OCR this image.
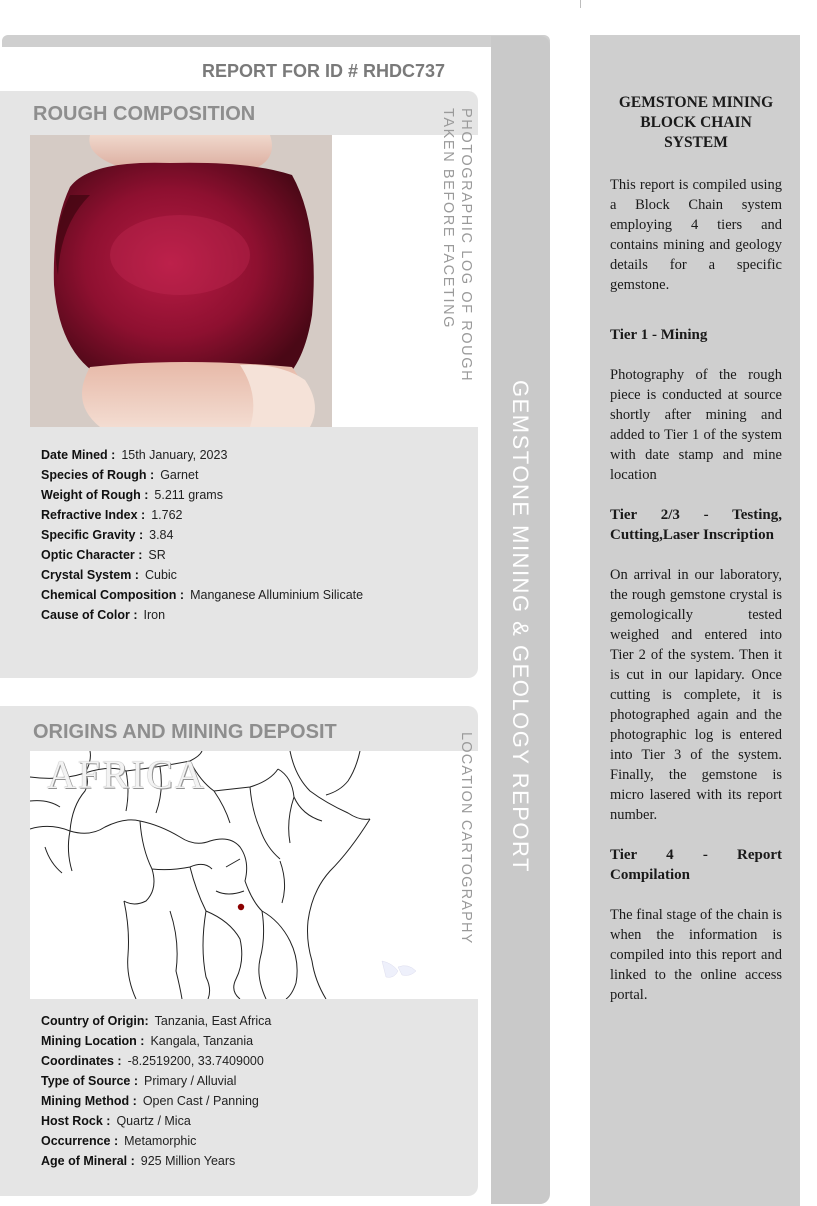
REPORT FOR ID # RHDC737
ROUGH COMPOSITION	PHOTOGRAPHIC LOG OF ROUGH
TAKEN BEFORE FACETING
Date Mined : 15th January, 2023
Species of Rough : Garnet
Weight of Rough : 5.211 grams
Refractive Index : 1.762
Specific Gravity : 3.84
Optic Character : SR
Crystal System : Cubic
Chemical Composition : Manganese Alluminium Silicate
Cause of Color : Iron
ORIGINS AND MINING DEPOSIT
AFRICA	LOCATION CARTOGRAPHY
Country of Origin: Tanzania, East Africa
Mining Location : Kangala, Tanzania
Coordinates : -8.2519200, 33.7409000
Type of Source : Primary / Alluvial
Mining Method : Open Cast / Panning
Host Rock : Quartz / Mica
Occurrence : Metamorphic
Age of Mineral : 925 Million Years
GEMSTONE MINING & GEOLOGY REPORT
GEMSTONE MINING BLOCK CHAIN SYSTEM
This report is compiled using a Block Chain system employing 4 tiers and contains mining and geology details for a specific gemstone.
Tier 1 - Mining
Photography of the rough piece is conducted at source shortly after mining and added to Tier 1 of the system with date stamp and mine location
Tier 2/3 - Testing, Cutting,Laser Inscription
On arrival in our laboratory, the rough gemstone crystal is gemologically tested weighed and entered into Tier 2 of the system. Then it is cut in our lapidary. Once cutting is complete, it is photographed again and the photographic log is entered into Tier 3 of the system. Finally, the gemstone is micro lasered with its report number.
Tier 4 - Report Compilation
The final stage of the chain is when the information is compiled into this report and linked to the online access portal.
